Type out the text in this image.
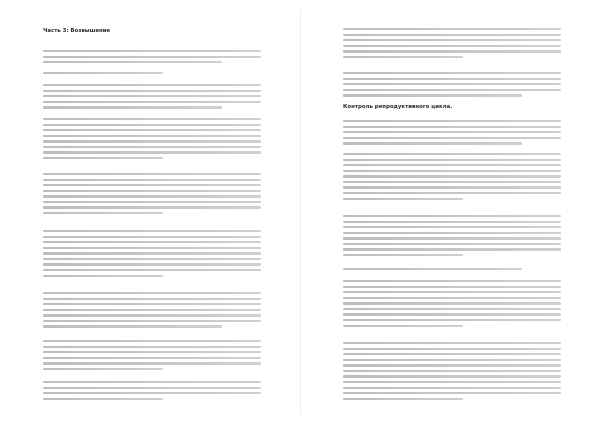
Часть 3: Возвышение
Контроль репродуктивного цикла.
